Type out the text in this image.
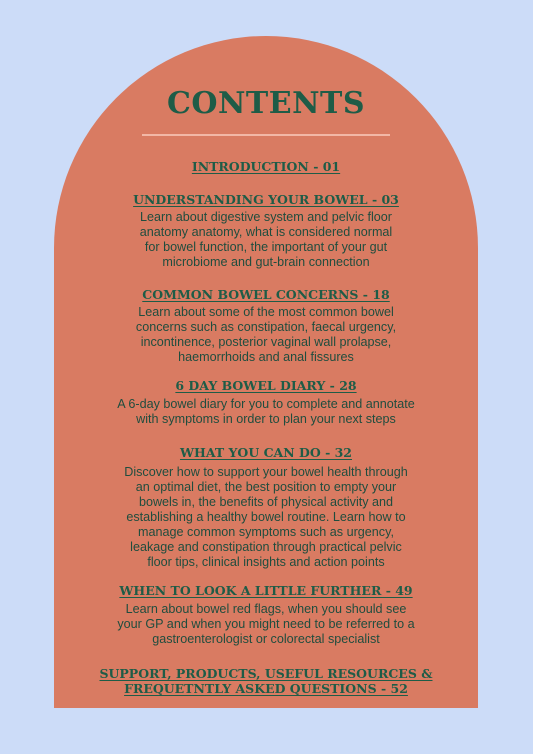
CONTENTS
INTRODUCTION - 01
UNDERSTANDING YOUR BOWEL - 03

Learn about digestive system and pelvic floor
anatomy anatomy, what is considered normal
for bowel function, the important of your gut
microbiome and gut-brain connection

COMMON BOWEL CONCERNS - 18

Learn about some of the most common bowel
concerns such as constipation, faecal urgency,
incontinence, posterior vaginal wall prolapse,
haemorrhoids and anal fissures

6 DAY BOWEL DIARY - 28

A 6-day bowel diary for you to complete and annotate
with symptoms in order to plan your next steps

WHAT YOU CAN DO - 32

Discover how to support your bowel health through
an optimal diet, the best position to empty your
bowels in, the benefits of physical activity and
establishing a healthy bowel routine. Learn how to
manage common symptoms such as urgency,
leakage and constipation through practical pelvic
floor tips, clinical insights and action points

WHEN TO LOOK A LITTLE FURTHER - 49

Learn about bowel red flags, when you should see
your GP and when you might need to be referred to a
gastroenterologist or colorectal specialist

SUPPORT, PRODUCTS, USEFUL RESOURCES &
FREQUETNTLY ASKED QUESTIONS - 52
